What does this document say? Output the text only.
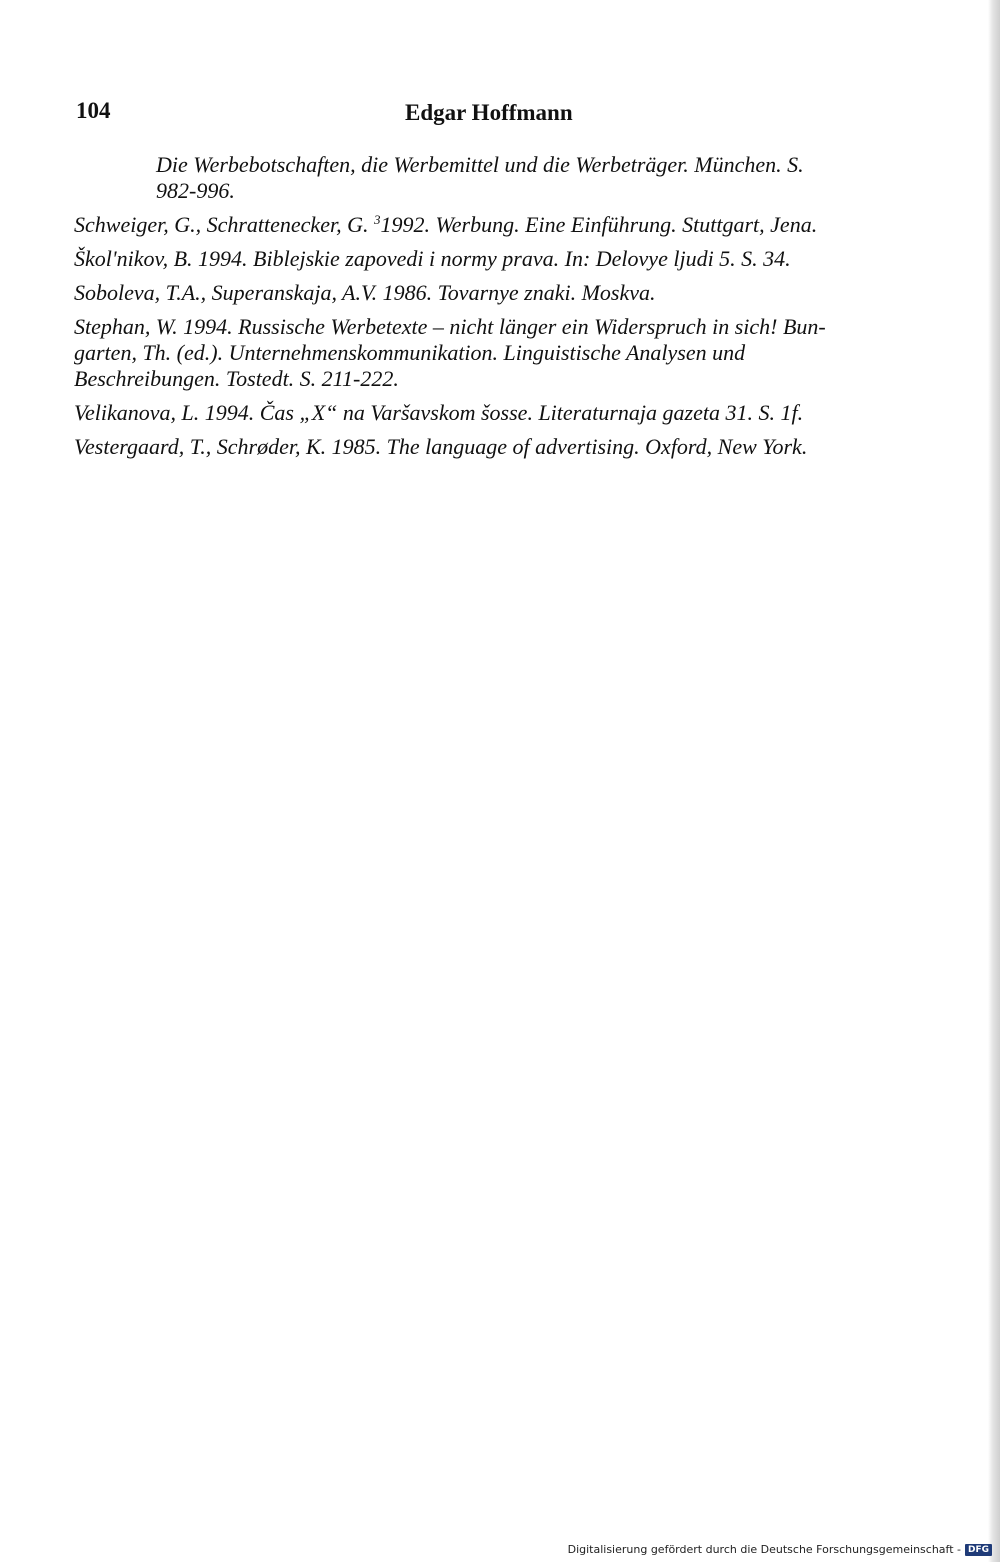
104	Edgar Hoffmann
Die Werbebotschaften, die Werbemittel und die Werbeträger. München. S.
982-996.
Schweiger, G., Schrattenecker, G. $^3$1992. Werbung. Eine Einführung. Stuttgart, Jena.
Škol'nikov, B. 1994. Biblejskie zapovedi i normy prava. In: Delovye ljudi 5. S. 34.
Soboleva, T.A., Superanskaja, A.V. 1986. Tovarnye znaki. Moskva.
Stephan, W. 1994. Russische Werbetexte – nicht länger ein Widerspruch in sich! Bun-
garten, Th. (ed.). Unternehmenskommunikation. Linguistische Analysen und
Beschreibungen. Tostedt. S. 211-222.
Velikanova, L. 1994. Čas „X“ na Varšavskom šosse. Literaturnaja gazeta 31. S. 1f.
Vestergaard, T., Schrøder, K. 1985. The language of advertising. Oxford, New York.
Digitalisierung gefördert durch die Deutsche Forschungsgemeinschaft - DFG
